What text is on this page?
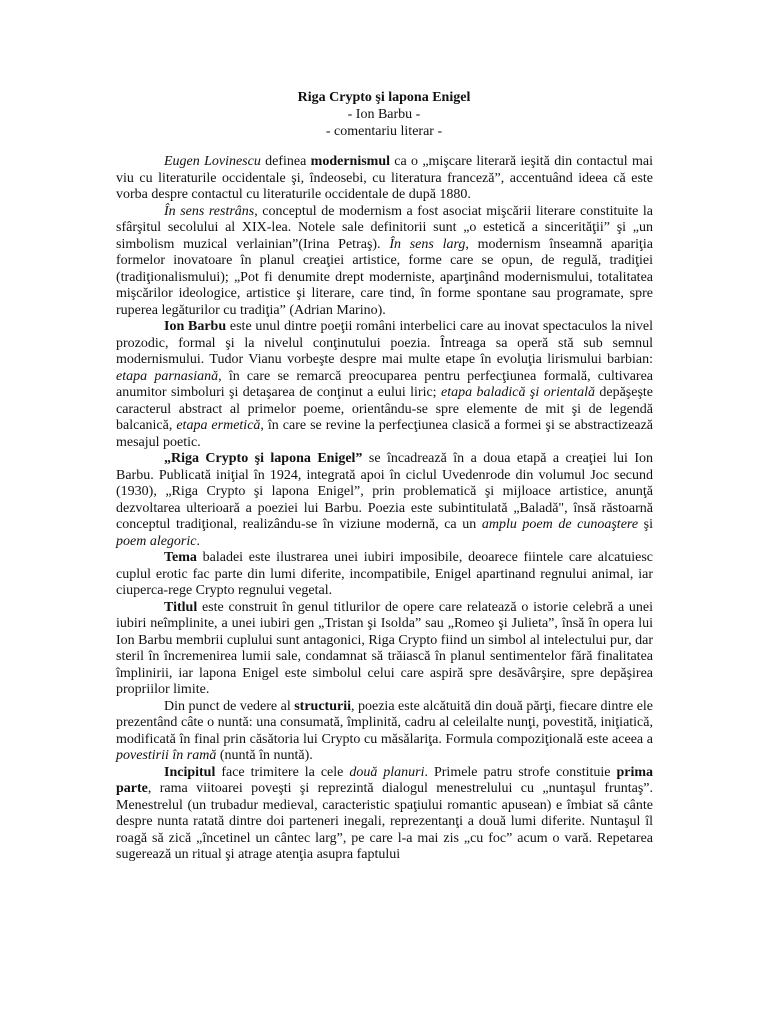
Riga Crypto şi lapona Enigel
- Ion Barbu -
- comentariu literar -

Eugen Lovinescu definea modernismul ca o „mişcare literară ieşită din contactul mai viu cu literaturile occidentale şi, îndeosebi, cu literatura franceză”, accentuând ideea că este vorba despre contactul cu literaturile occidentale de după 1880.

În sens restrâns, conceptul de modernism a fost asociat mişcării literare constituite la sfârşitul secolului al XIX-lea. Notele sale definitorii sunt „o estetică a sincerităţii” şi „un simbolism muzical verlainian”(Irina Petraş). În sens larg, modernism înseamnă apariţia formelor inovatoare în planul creaţiei artistice, forme care se opun, de regulă, tradiţiei (tradiţionalismului); „Pot fi denumite drept moderniste, aparţinând modernismului, totalitatea mişcărilor ideologice, artistice şi literare, care tind, în forme spontane sau programate, spre ruperea legăturilor cu tradiţia” (Adrian Marino).

Ion Barbu este unul dintre poeţii români interbelici care au inovat spectaculos la nivel prozodic, formal şi la nivelul conţinutului poezia. Întreaga sa operă stă sub semnul modernismului. Tudor Vianu vorbeşte despre mai multe etape în evoluţia lirismului barbian: etapa parnasiană, în care se remarcă preocuparea pentru perfecţiunea formală, cultivarea anumitor simboluri şi detaşarea de conţinut a eului liric; etapa baladică şi orientală depăşeşte caracterul abstract al primelor poeme, orientându-se spre elemente de mit şi de legendă balcanică, etapa ermetică, în care se revine la perfecţiunea clasică a formei şi se abstractizează mesajul poetic.

„Riga Crypto şi lapona Enigel” se încadrează în a doua etapă a creaţiei lui Ion Barbu. Publicată iniţial în 1924, integrată apoi în ciclul Uvedenrode din volumul Joc secund (1930), „Riga Crypto şi lapona Enigel”, prin problematică şi mijloace artistice, anunţă dezvoltarea ulterioară a poeziei lui Barbu. Poezia este subintitulată „Baladă", însă răstoarnă conceptul tradiţional, realizându-se în viziune modernă, ca un amplu poem de cunoaştere şi poem alegoric.

Tema baladei este ilustrarea unei iubiri imposibile, deoarece fiintele care alcatuiesc cuplul erotic fac parte din lumi diferite, incompatibile, Enigel apartinand regnului animal, iar ciuperca-rege Crypto regnului vegetal.

Titlul este construit în genul titlurilor de opere care relatează o istorie celebră a unei iubiri neîmplinite, a unei iubiri gen „Tristan şi Isolda” sau „Romeo şi Julieta”, însă în opera lui Ion Barbu membrii cuplului sunt antagonici, Riga Crypto fiind un simbol al intelectului pur, dar steril în încremenirea lumii sale, condamnat să trăiască în planul sentimentelor fără finalitatea împlinirii, iar lapona Enigel este simbolul celui care aspiră spre desăvârşire, spre depăşirea propriilor limite.

Din punct de vedere al structurii, poezia este alcătuită din două părţi, fiecare dintre ele prezentând câte o nuntă: una consumată, împlinită, cadru al celeilalte nunţi, povestită, iniţiatică, modificată în final prin căsătoria lui Crypto cu măsălariţa. Formula compoziţională este aceea a povestirii în ramă (nuntă în nuntă).

Incipitul face trimitere la cele două planuri. Primele patru strofe constituie prima parte, rama viitoarei poveşti şi reprezintă dialogul menestrelului cu „nuntaşul fruntaş”. Menestrelul (un trubadur medieval, caracteristic spaţiului romantic apusean) e îmbiat să cânte despre nunta ratată dintre doi parteneri inegali, reprezentanţi a două lumi diferite. Nuntaşul îl roagă să zică „încetinel un cântec larg”, pe care l-a mai zis „cu foc” acum o vară. Repetarea sugerează un ritual şi atrage atenţia asupra faptului
